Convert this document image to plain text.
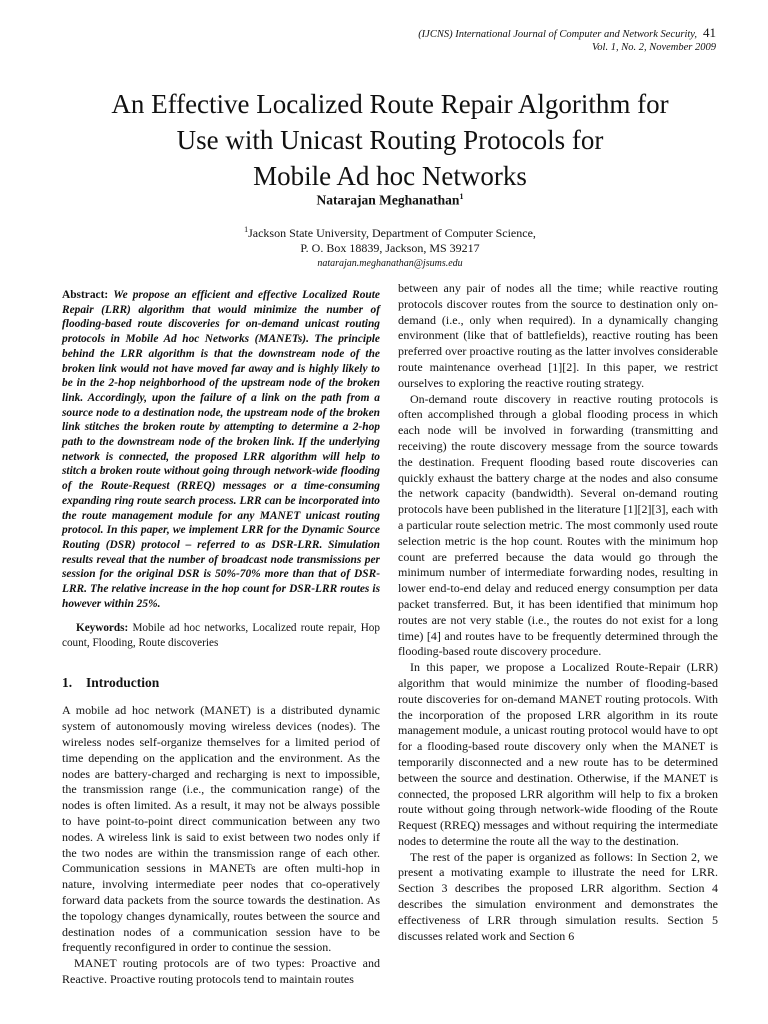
(IJCNS) International Journal of Computer and Network Security, 41
Vol. 1, No. 2, November 2009
An Effective Localized Route Repair Algorithm for
Use with Unicast Routing Protocols for
Mobile Ad hoc Networks
Natarajan Meghanathan$^1$
$^1$Jackson State University, Department of Computer Science,
P. O. Box 18839, Jackson, MS 39217
natarajan.meghanathan@jsums.edu

Abstract: We propose an efficient and effective Localized Route Repair (LRR) algorithm that would minimize the number of flooding-based route discoveries for on-demand unicast routing protocols in Mobile Ad hoc Networks (MANETs). The principle behind the LRR algorithm is that the downstream node of the broken link would not have moved far away and is highly likely to be in the 2-hop neighborhood of the upstream node of the broken link. Accordingly, upon the failure of a link on the path from a source node to a destination node, the upstream node of the broken link stitches the broken route by attempting to determine a 2-hop path to the downstream node of the broken link. If the underlying network is connected, the proposed LRR algorithm will help to stitch a broken route without going through network-wide flooding of the Route-Request (RREQ) messages or a time-consuming expanding ring route search process. LRR can be incorporated into the route management module for any MANET unicast routing protocol. In this paper, we implement LRR for the Dynamic Source Routing (DSR) protocol – referred to as DSR-LRR. Simulation results reveal that the number of broadcast node transmissions per session for the original DSR is 50%-70% more than that of DSR-LRR. The relative increase in the hop count for DSR-LRR routes is however within 25%.

Keywords: Mobile ad hoc networks, Localized route repair, Hop count, Flooding, Route discoveries

1. Introduction

A mobile ad hoc network (MANET) is a distributed dynamic system of autonomously moving wireless devices (nodes). The wireless nodes self-organize themselves for a limited period of time depending on the application and the environment. As the nodes are battery-charged and recharging is next to impossible, the transmission range (i.e., the communication range) of the nodes is often limited. As a result, it may not be always possible to have point-to-point direct communication between any two nodes. A wireless link is said to exist between two nodes only if the two nodes are within the transmission range of each other. Communication sessions in MANETs are often multi-hop in nature, involving intermediate peer nodes that co-operatively forward data packets from the source towards the destination. As the topology changes dynamically, routes between the source and destination nodes of a communication session have to be frequently reconfigured in order to continue the session.

MANET routing protocols are of two types: Proactive and Reactive. Proactive routing protocols tend to maintain routes

between any pair of nodes all the time; while reactive routing protocols discover routes from the source to destination only on-demand (i.e., only when required). In a dynamically changing environment (like that of battlefields), reactive routing has been preferred over proactive routing as the latter involves considerable route maintenance overhead [1][2]. In this paper, we restrict ourselves to exploring the reactive routing strategy.

On-demand route discovery in reactive routing protocols is often accomplished through a global flooding process in which each node will be involved in forwarding (transmitting and receiving) the route discovery message from the source towards the destination. Frequent flooding based route discoveries can quickly exhaust the battery charge at the nodes and also consume the network capacity (bandwidth). Several on-demand routing protocols have been published in the literature [1][2][3], each with a particular route selection metric. The most commonly used route selection metric is the hop count. Routes with the minimum hop count are preferred because the data would go through the minimum number of intermediate forwarding nodes, resulting in lower end-to-end delay and reduced energy consumption per data packet transferred. But, it has been identified that minimum hop routes are not very stable (i.e., the routes do not exist for a long time) [4] and routes have to be frequently determined through the flooding-based route discovery procedure.

In this paper, we propose a Localized Route-Repair (LRR) algorithm that would minimize the number of flooding-based route discoveries for on-demand MANET routing protocols. With the incorporation of the proposed LRR algorithm in its route management module, a unicast routing protocol would have to opt for a flooding-based route discovery only when the MANET is temporarily disconnected and a new route has to be determined between the source and destination. Otherwise, if the MANET is connected, the proposed LRR algorithm will help to fix a broken route without going through network-wide flooding of the Route Request (RREQ) messages and without requiring the intermediate nodes to determine the route all the way to the destination.

The rest of the paper is organized as follows: In Section 2, we present a motivating example to illustrate the need for LRR. Section 3 describes the proposed LRR algorithm. Section 4 describes the simulation environment and demonstrates the effectiveness of LRR through simulation results. Section 5 discusses related work and Section 6
